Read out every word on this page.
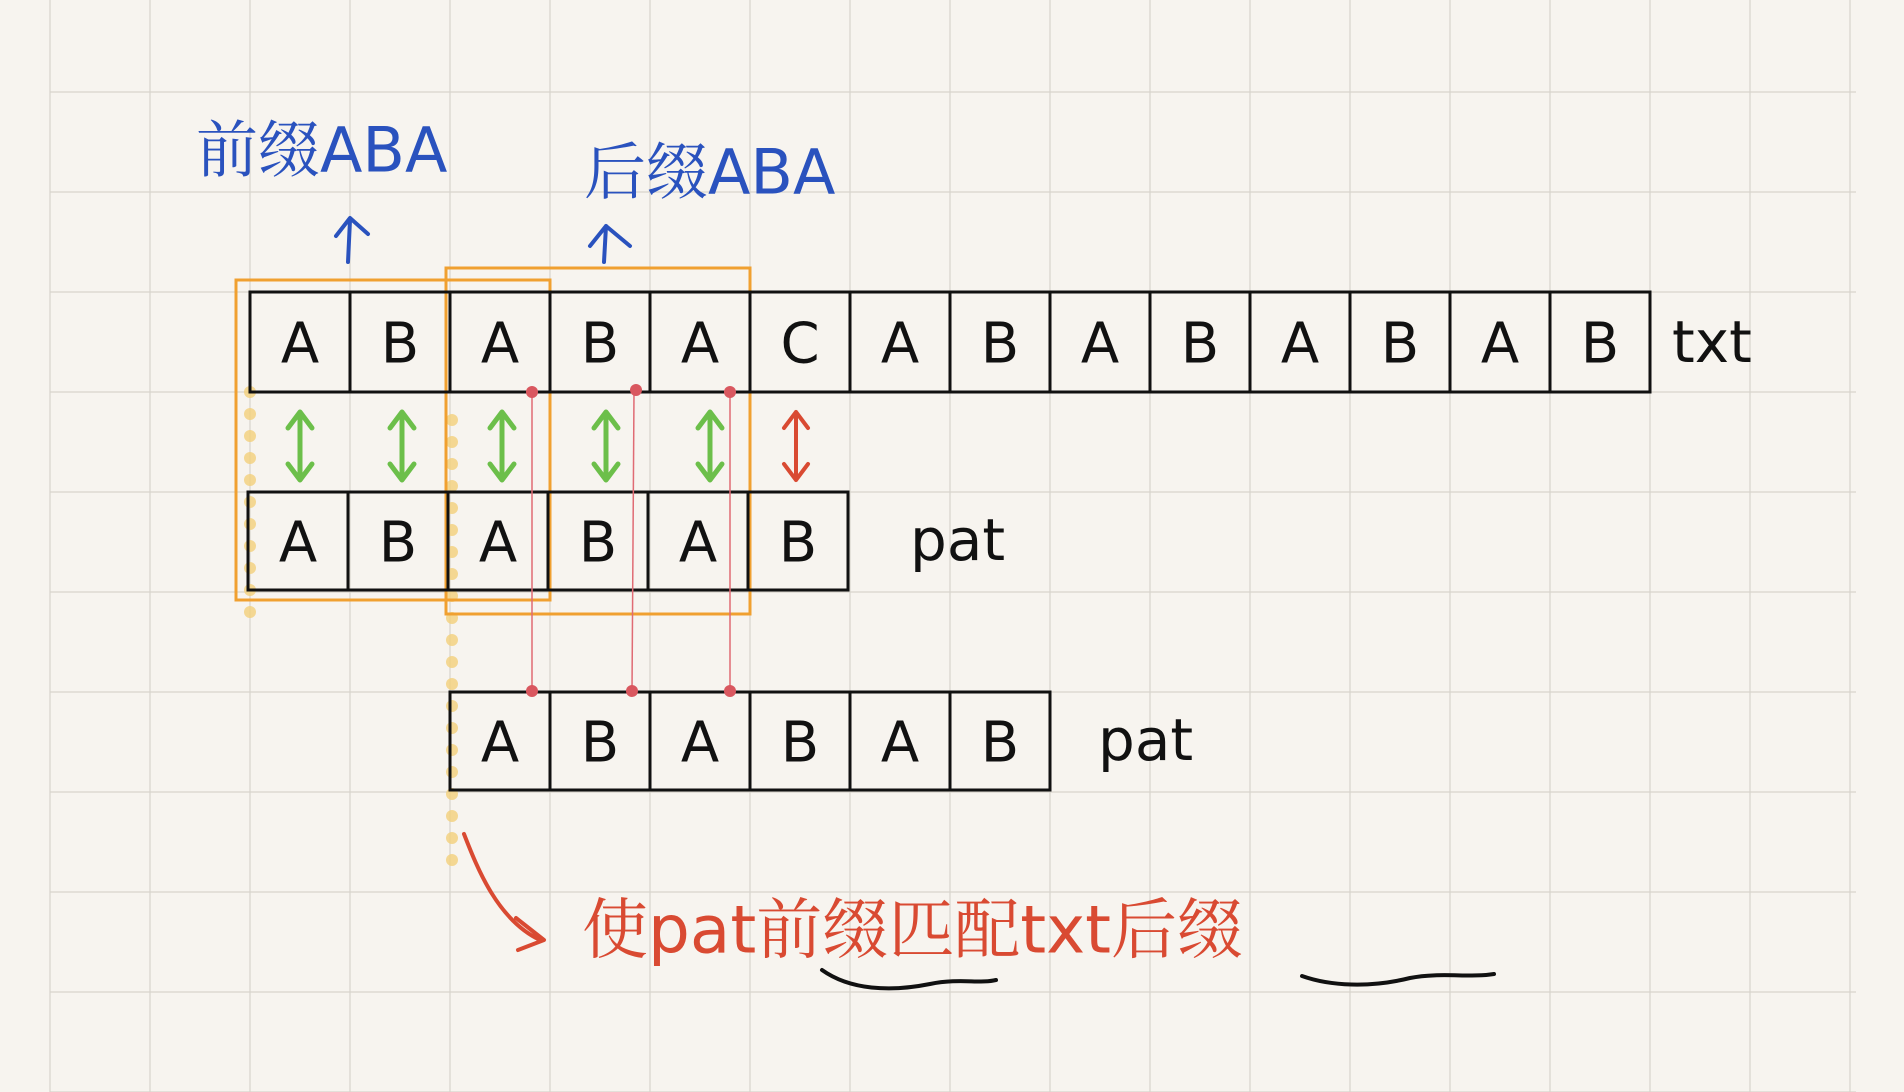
A B A B A C A B A B A B A B txt
A B A B A B pat
A B A B A B pat
前缀ABA 后缀ABA
使pat前缀匹配txt后缀
